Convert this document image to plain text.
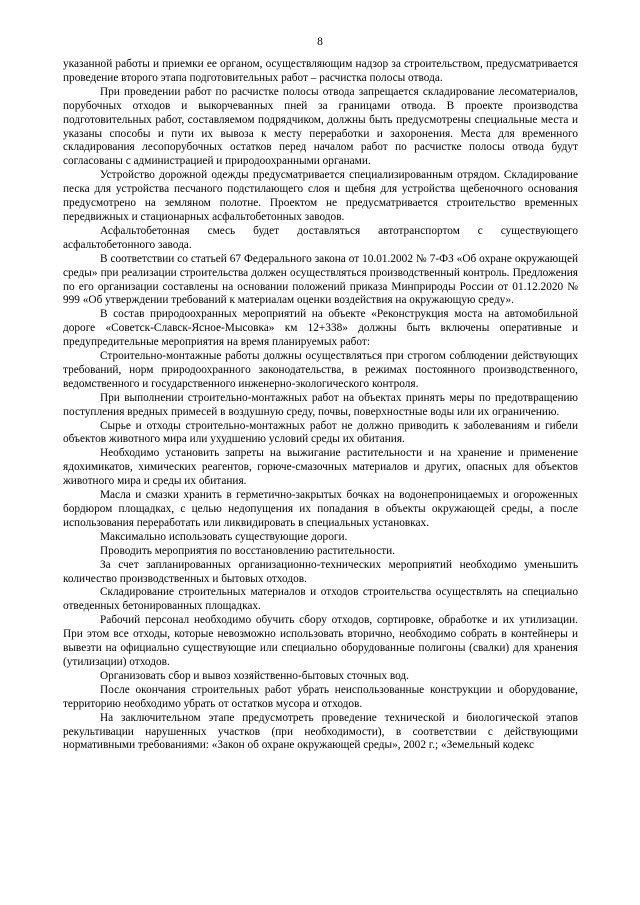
8

указанной работы и приемки ее органом, осуществляющим надзор за строительством, предусматривается проведение второго этапа подготовительных работ – расчистка полосы отвода.

При проведении работ по расчистке полосы отвода запрещается складирование лесоматериалов, порубочных отходов и выкорчеванных пней за границами отвода. В проекте производства подготовительных работ, составляемом подрядчиком, должны быть предусмотрены специальные места и указаны способы и пути их вывоза к месту переработки и захоронения. Места для временного складирования лесопорубочных остатков перед началом работ по расчистке полосы отвода будут согласованы с администрацией и природоохранными органами.

Устройство дорожной одежды предусматривается специализированным отрядом. Складирование песка для устройства песчаного подстилающего слоя и щебня для устройства щебеночного основания предусмотрено на земляном полотне. Проектом не предусматривается строительство временных передвижных и стационарных асфальтобетонных заводов.

Асфальтобетонная смесь будет доставляться автотранспортом с существующего асфальтобетонного завода.

В соответствии со статьей 67 Федерального закона от 10.01.2002 № 7-ФЗ «Об охране окружающей среды» при реализации строительства должен осуществляться производственный контроль. Предложения по его организации составлены на основании положений приказа Минприроды России от 01.12.2020 № 999 «Об утверждении требований к материалам оценки воздействия на окружающую среду».

В состав природоохранных мероприятий на объекте «Реконструкция моста на автомобильной дороге «Советск-Славск-Ясное-Мысовка» км 12+338» должны быть включены оперативные и предупредительные мероприятия на время планируемых работ:

Строительно-монтажные работы должны осуществляться при строгом соблюдении действующих требований, норм природоохранного законодательства, в режимах постоянного производственного, ведомственного и государственного инженерно-экологического контроля.

При выполнении строительно-монтажных работ на объектах принять меры по предотвращению поступления вредных примесей в воздушную среду, почвы, поверхностные воды или их ограничению.

Сырье и отходы строительно-монтажных работ не должно приводить к заболеваниям и гибели объектов животного мира или ухудшению условий среды их обитания.

Необходимо установить запреты на выжигание растительности и на хранение и применение ядохимикатов, химических реагентов, горюче-смазочных материалов и других, опасных для объектов животного мира и среды их обитания.

Масла и смазки хранить в герметично-закрытых бочках на водонепроницаемых и огороженных бордюром площадках, с целью недопущения их попадания в объекты окружающей среды, а после использования переработать или ликвидировать в специальных установках.

Максимально использовать существующие дороги.

Проводить мероприятия по восстановлению растительности.

За счет запланированных организационно-технических мероприятий необходимо уменьшить количество производственных и бытовых отходов.

Складирование строительных материалов и отходов строительства осуществлять на специально отведенных бетонированных площадках.

Рабочий персонал необходимо обучить сбору отходов, сортировке, обработке и их утилизации. При этом все отходы, которые невозможно использовать вторично, необходимо собрать в контейнеры и вывезти на официально существующие или специально оборудованные полигоны (свалки) для хранения (утилизации) отходов.

Организовать сбор и вывоз хозяйственно-бытовых сточных вод.

После окончания строительных работ убрать неиспользованные конструкции и оборудование, территорию необходимо убрать от остатков мусора и отходов.

На заключительном этапе предусмотреть проведение технической и биологической этапов рекультивации нарушенных участков (при необходимости), в соответствии с действующими нормативными требованиями: «Закон об охране окружающей среды», 2002 г.; «Земельный кодекс
